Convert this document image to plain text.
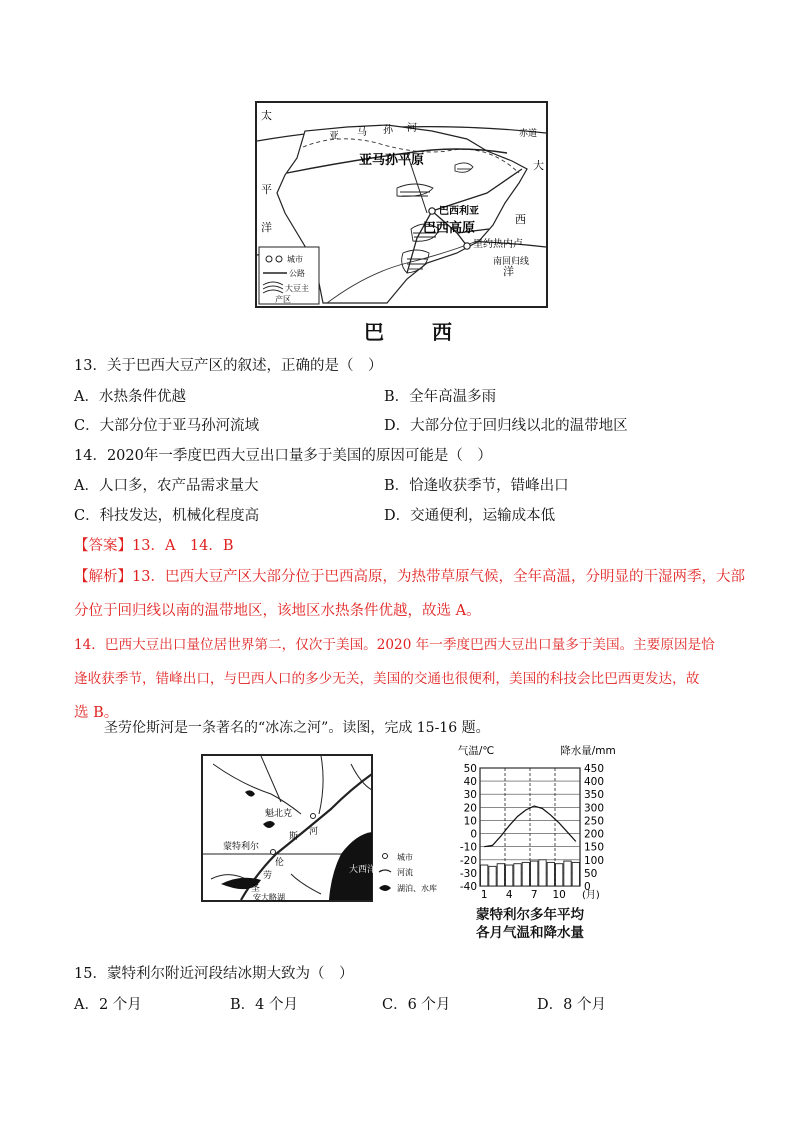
亚马孙平原
巴西利亚
巴西高原
里约热内卢
南回归线
赤道
亚 马 孙 河
太
平
洋
大
西
洋
城市
公路
大豆主
产区
巴　西
13．关于巴西大豆产区的叙述，正确的是（　）
A．水热条件优越	B．全年高温多雨
C．大部分位于亚马孙河流域	D．大部分位于回归线以北的温带地区
14．2020年一季度巴西大豆出口量多于美国的原因可能是（　）
A．人口多，农产品需求量大	B．恰逢收获季节，错峰出口
C．科技发达，机械化程度高	D．交通便利，运输成本低
【答案】13．A　14．B
【解析】13．巴西大豆产区大部分位于巴西高原，为热带草原气候，全年高温，分明显的干湿两季，大部
分位于回归线以南的温带地区，该地区水热条件优越，故选 A。
14．巴西大豆出口量位居世界第二，仅次于美国。2020 年一季度巴西大豆出口量多于美国。主要原因是恰
逢收获季节，错峰出口，与巴西人口的多少无关，美国的交通也很便利，美国的科技会比巴西更发达，故
选 B。
圣劳伦斯河是一条著名的“冰冻之河”。读图，完成 15-16 题。
魁北克
蒙特利尔
河
斯
伦
劳
圣
安大略湖
大西洋
城市
河流
湖泊、水库
50
40
30
20
10
0
-10
-20
-30
-40
450
400
350
300
250
200
150
100
50
0
1 4 7 10 (月)
气温/℃	降水量/mm
蒙特利尔多年平均
各月气温和降水量
15．蒙特利尔附近河段结冰期大致为（　）
A．2 个月	B．4 个月	C．6 个月	D．8 个月
